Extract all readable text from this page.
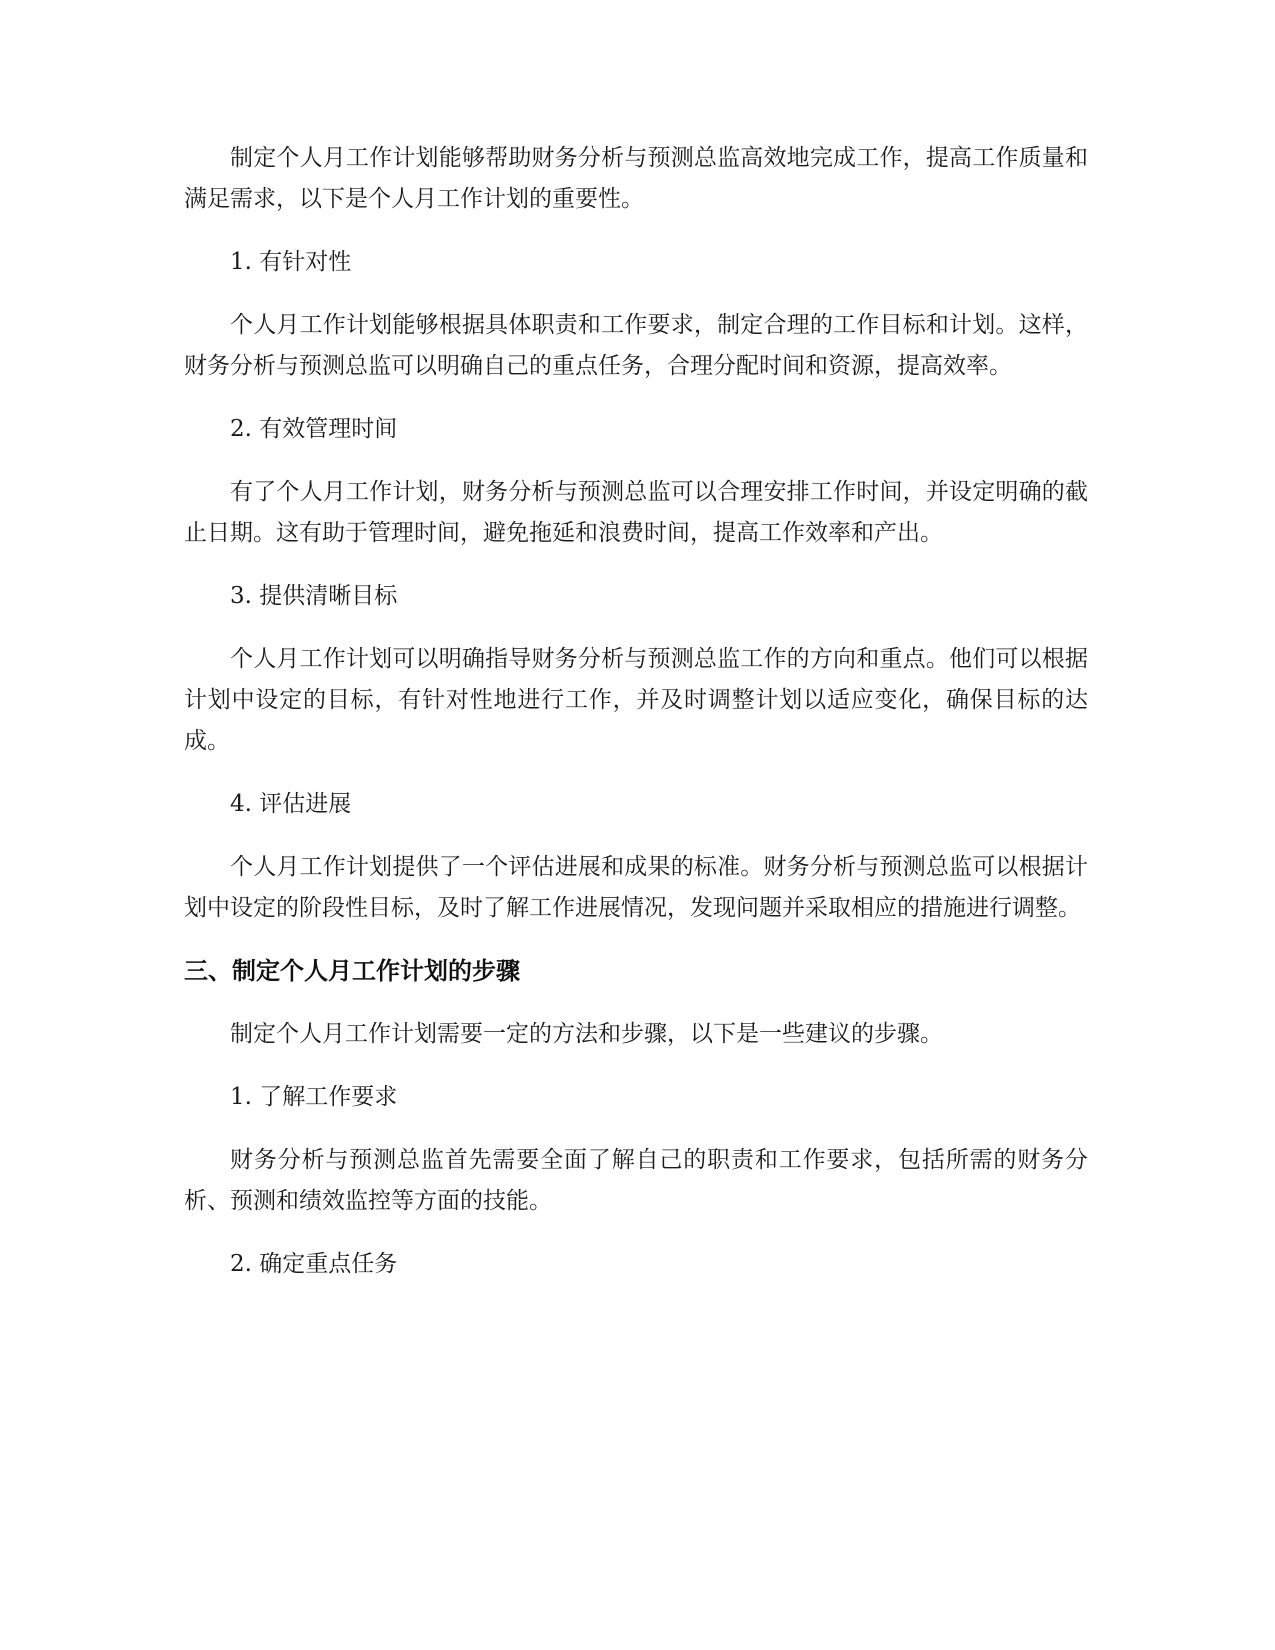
制定个人月工作计划能够帮助财务分析与预测总监高效地完成工作，提高工作质量和满足需求，以下是个人月工作计划的重要性。

1. 有针对性

个人月工作计划能够根据具体职责和工作要求，制定合理的工作目标和计划。这样，财务分析与预测总监可以明确自己的重点任务，合理分配时间和资源，提高效率。

2. 有效管理时间

有了个人月工作计划，财务分析与预测总监可以合理安排工作时间，并设定明确的截止日期。这有助于管理时间，避免拖延和浪费时间，提高工作效率和产出。

3. 提供清晰目标

个人月工作计划可以明确指导财务分析与预测总监工作的方向和重点。他们可以根据计划中设定的目标，有针对性地进行工作，并及时调整计划以适应变化，确保目标的达成。

4. 评估进展

个人月工作计划提供了一个评估进展和成果的标准。财务分析与预测总监可以根据计划中设定的阶段性目标，及时了解工作进展情况，发现问题并采取相应的措施进行调整。

三、制定个人月工作计划的步骤

制定个人月工作计划需要一定的方法和步骤，以下是一些建议的步骤。

1. 了解工作要求

财务分析与预测总监首先需要全面了解自己的职责和工作要求，包括所需的财务分析、预测和绩效监控等方面的技能。

2. 确定重点任务
